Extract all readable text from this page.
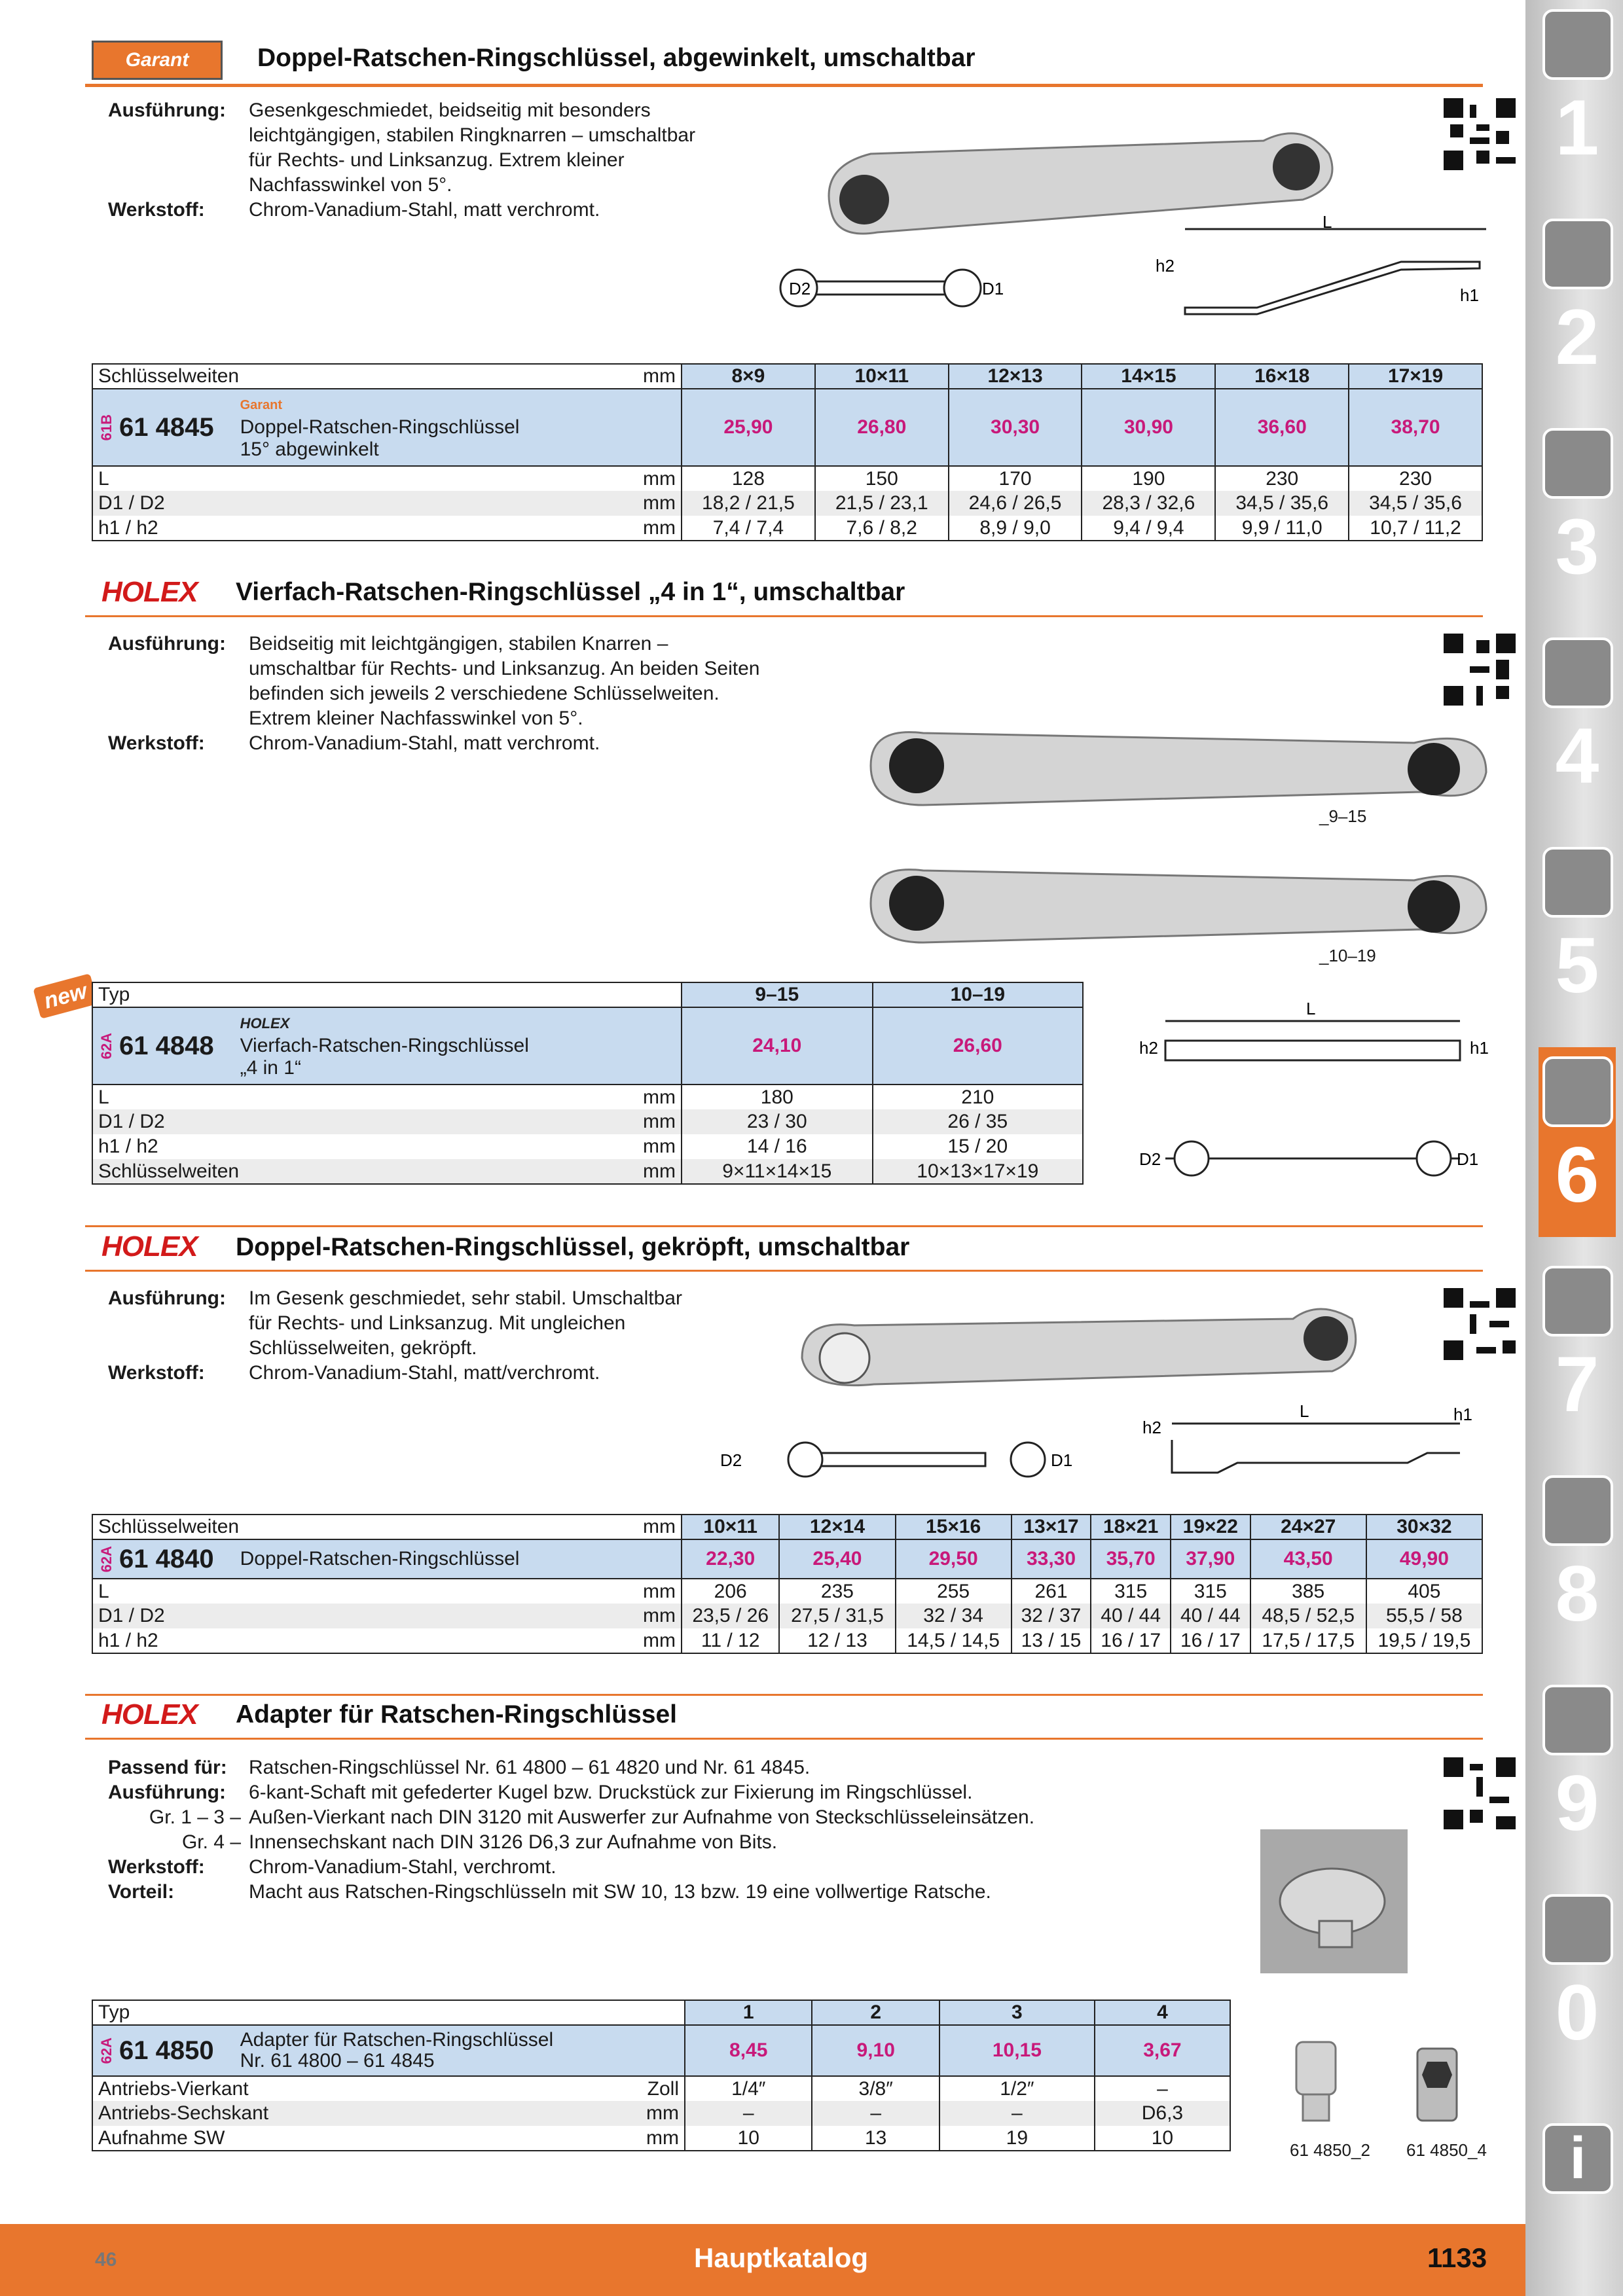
Garant	Doppel-Ratschen-Ringschlüssel, abgewinkelt, umschaltbar
Ausführung:	Gesenkgeschmiedet, beidseitig mit besonders leichtgängigen, stabilen Ringknarren – umschaltbar für Rechts- und Linksanzug. Extrem kleiner Nachfasswinkel von 5°.
Werkstoff:	Chrom-Vanadium-Stahl, matt verchromt.
D2	D1
L
h2
h1
Schlüsselweiten mm	8×9	10×11	12×13	14×15	16×18	17×19
61B 61 4845
Garant
Doppel-Ratschen-Ringschlüssel
15° abgewinkelt	25,90	26,80	30,30	30,90	36,60	38,70
L mm	128	150	170	190	230	230
D1 / D2 mm	18,2 / 21,5	21,5 / 23,1	24,6 / 26,5	28,3 / 32,6	34,5 / 35,6	34,5 / 35,6
h1 / h2 mm	7,4 / 7,4	7,6 / 8,2	8,9 / 9,0	9,4 / 9,4	9,9 / 11,0	10,7 / 11,2
HOLEX Vierfach-Ratschen-Ringschlüssel „4 in 1“, umschaltbar
Ausführung:	Beidseitig mit leichtgängigen, stabilen Knarren – umschaltbar für Rechts- und Linksanzug. An beiden Seiten befinden sich jeweils 2 verschiedene Schlüsselweiten. Extrem kleiner Nachfasswinkel von 5°.
Werkstoff:	Chrom-Vanadium-Stahl, matt verchromt.
_9–15
_10–19
new	L
h2	h1
D2	D1
Typ	9–15	10–19
62A 61 4848
HOLEX
Vierfach-Ratschen-Ringschlüssel
„4 in 1“	24,10	26,60
L mm	180	210
D1 / D2 mm	23 / 30	26 / 35
h1 / h2 mm	14 / 16	15 / 20
Schlüsselweiten mm	9×11×14×15	10×13×17×19
HOLEX Doppel-Ratschen-Ringschlüssel, gekröpft, umschaltbar
Ausführung:	Im Gesenk geschmiedet, sehr stabil. Umschaltbar für Rechts- und Linksanzug. Mit ungleichen Schlüsselweiten, gekröpft.
Werkstoff:	Chrom-Vanadium-Stahl, matt/verchromt.
D2	D1
L
h2
h1
Schlüsselweiten mm	10×11	12×14	15×16	13×17	18×21	19×22	24×27	30×32
62A 61 4840 Doppel-Ratschen-Ringschlüssel	22,30	25,40	29,50	33,30	35,70	37,90	43,50	49,90
L mm	206	235	255	261	315	315	385	405
D1 / D2 mm	23,5 / 26	27,5 / 31,5	32 / 34	32 / 37	40 / 44	40 / 44	48,5 / 52,5	55,5 / 58
h1 / h2 mm	11 / 12	12 / 13	14,5 / 14,5	13 / 15	16 / 17	16 / 17	17,5 / 17,5	19,5 / 19,5
HOLEX Adapter für Ratschen-Ringschlüssel
Passend für:	Ratschen-Ringschlüssel Nr. 61 4800 – 61 4820 und Nr. 61 4845.
Ausführung:	6-kant-Schaft mit gefederter Kugel bzw. Druckstück zur Fixierung im Ringschlüssel.
Gr. 1 – 3 – Außen-Vierkant nach DIN 3120 mit Auswerfer zur Aufnahme von Steckschlüsseleinsätzen.
Gr. 4 – Innensechskant nach DIN 3126 D6,3 zur Aufnahme von Bits.
Werkstoff:	Chrom-Vanadium-Stahl, verchromt.
Vorteil:	Macht aus Ratschen-Ringschlüsseln mit SW 10, 13 bzw. 19 eine vollwertige Ratsche.
61 4850_2 61 4850_4
Typ	1	2	3	4
62A 61 4850 Adapter für Ratschen-Ringschlüssel
Nr. 61 4800 – 61 4845	8,45	9,10	10,15	3,67
Antriebs-Vierkant Zoll	1/4″	3/8″	1/2″	–
Antriebs-Sechskant mm	–	–	–	D6,3
Aufnahme SW mm	10	13	19	10
1
2
3
4
5
6
7
8
9
0
i
46	Hauptkatalog	1133
